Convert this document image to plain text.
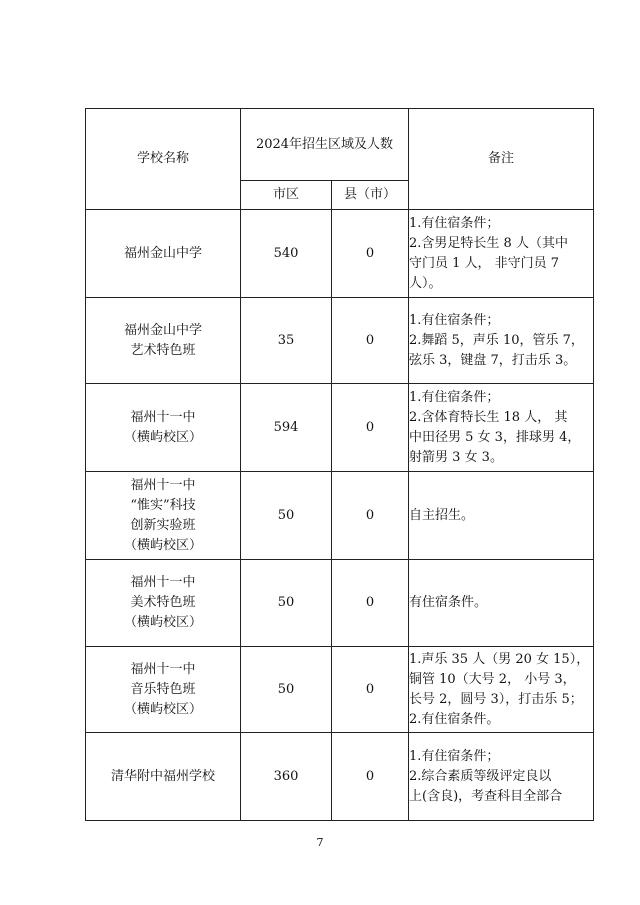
学校名称	2024年招生区域及人数		备注
	市区	县（市）	

福州金山中学	540	0	1.有住宿条件；
2.含男足特长生 8 人（其中
守门员 1 人， 非守门员 7
人）。

福州金山中学
艺术特色班	35	0	1.有住宿条件；
2.舞蹈 5，声乐 10，管乐 7，
弦乐 3，键盘 7，打击乐 3。

福州十一中
（横屿校区）	594	0	1.有住宿条件；
2.含体育特长生 18 人， 其
中田径男 5 女 3，排球男 4，
射箭男 3 女 3。

福州十一中
“惟实”科技
创新实验班
（横屿校区）	50	0	自主招生。

福州十一中
美术特色班
（横屿校区）	50	0	有住宿条件。

福州十一中
音乐特色班
（横屿校区）	50	0	1.声乐 35 人（男 20 女 15），
铜管 10（大号 2， 小号 3，
长号 2，圆号 3），打击乐 5；
2.有住宿条件。

清华附中福州学校	360	0	1.有住宿条件；
2.综合素质等级评定良以
上(含良)，考查科目全部合
7
